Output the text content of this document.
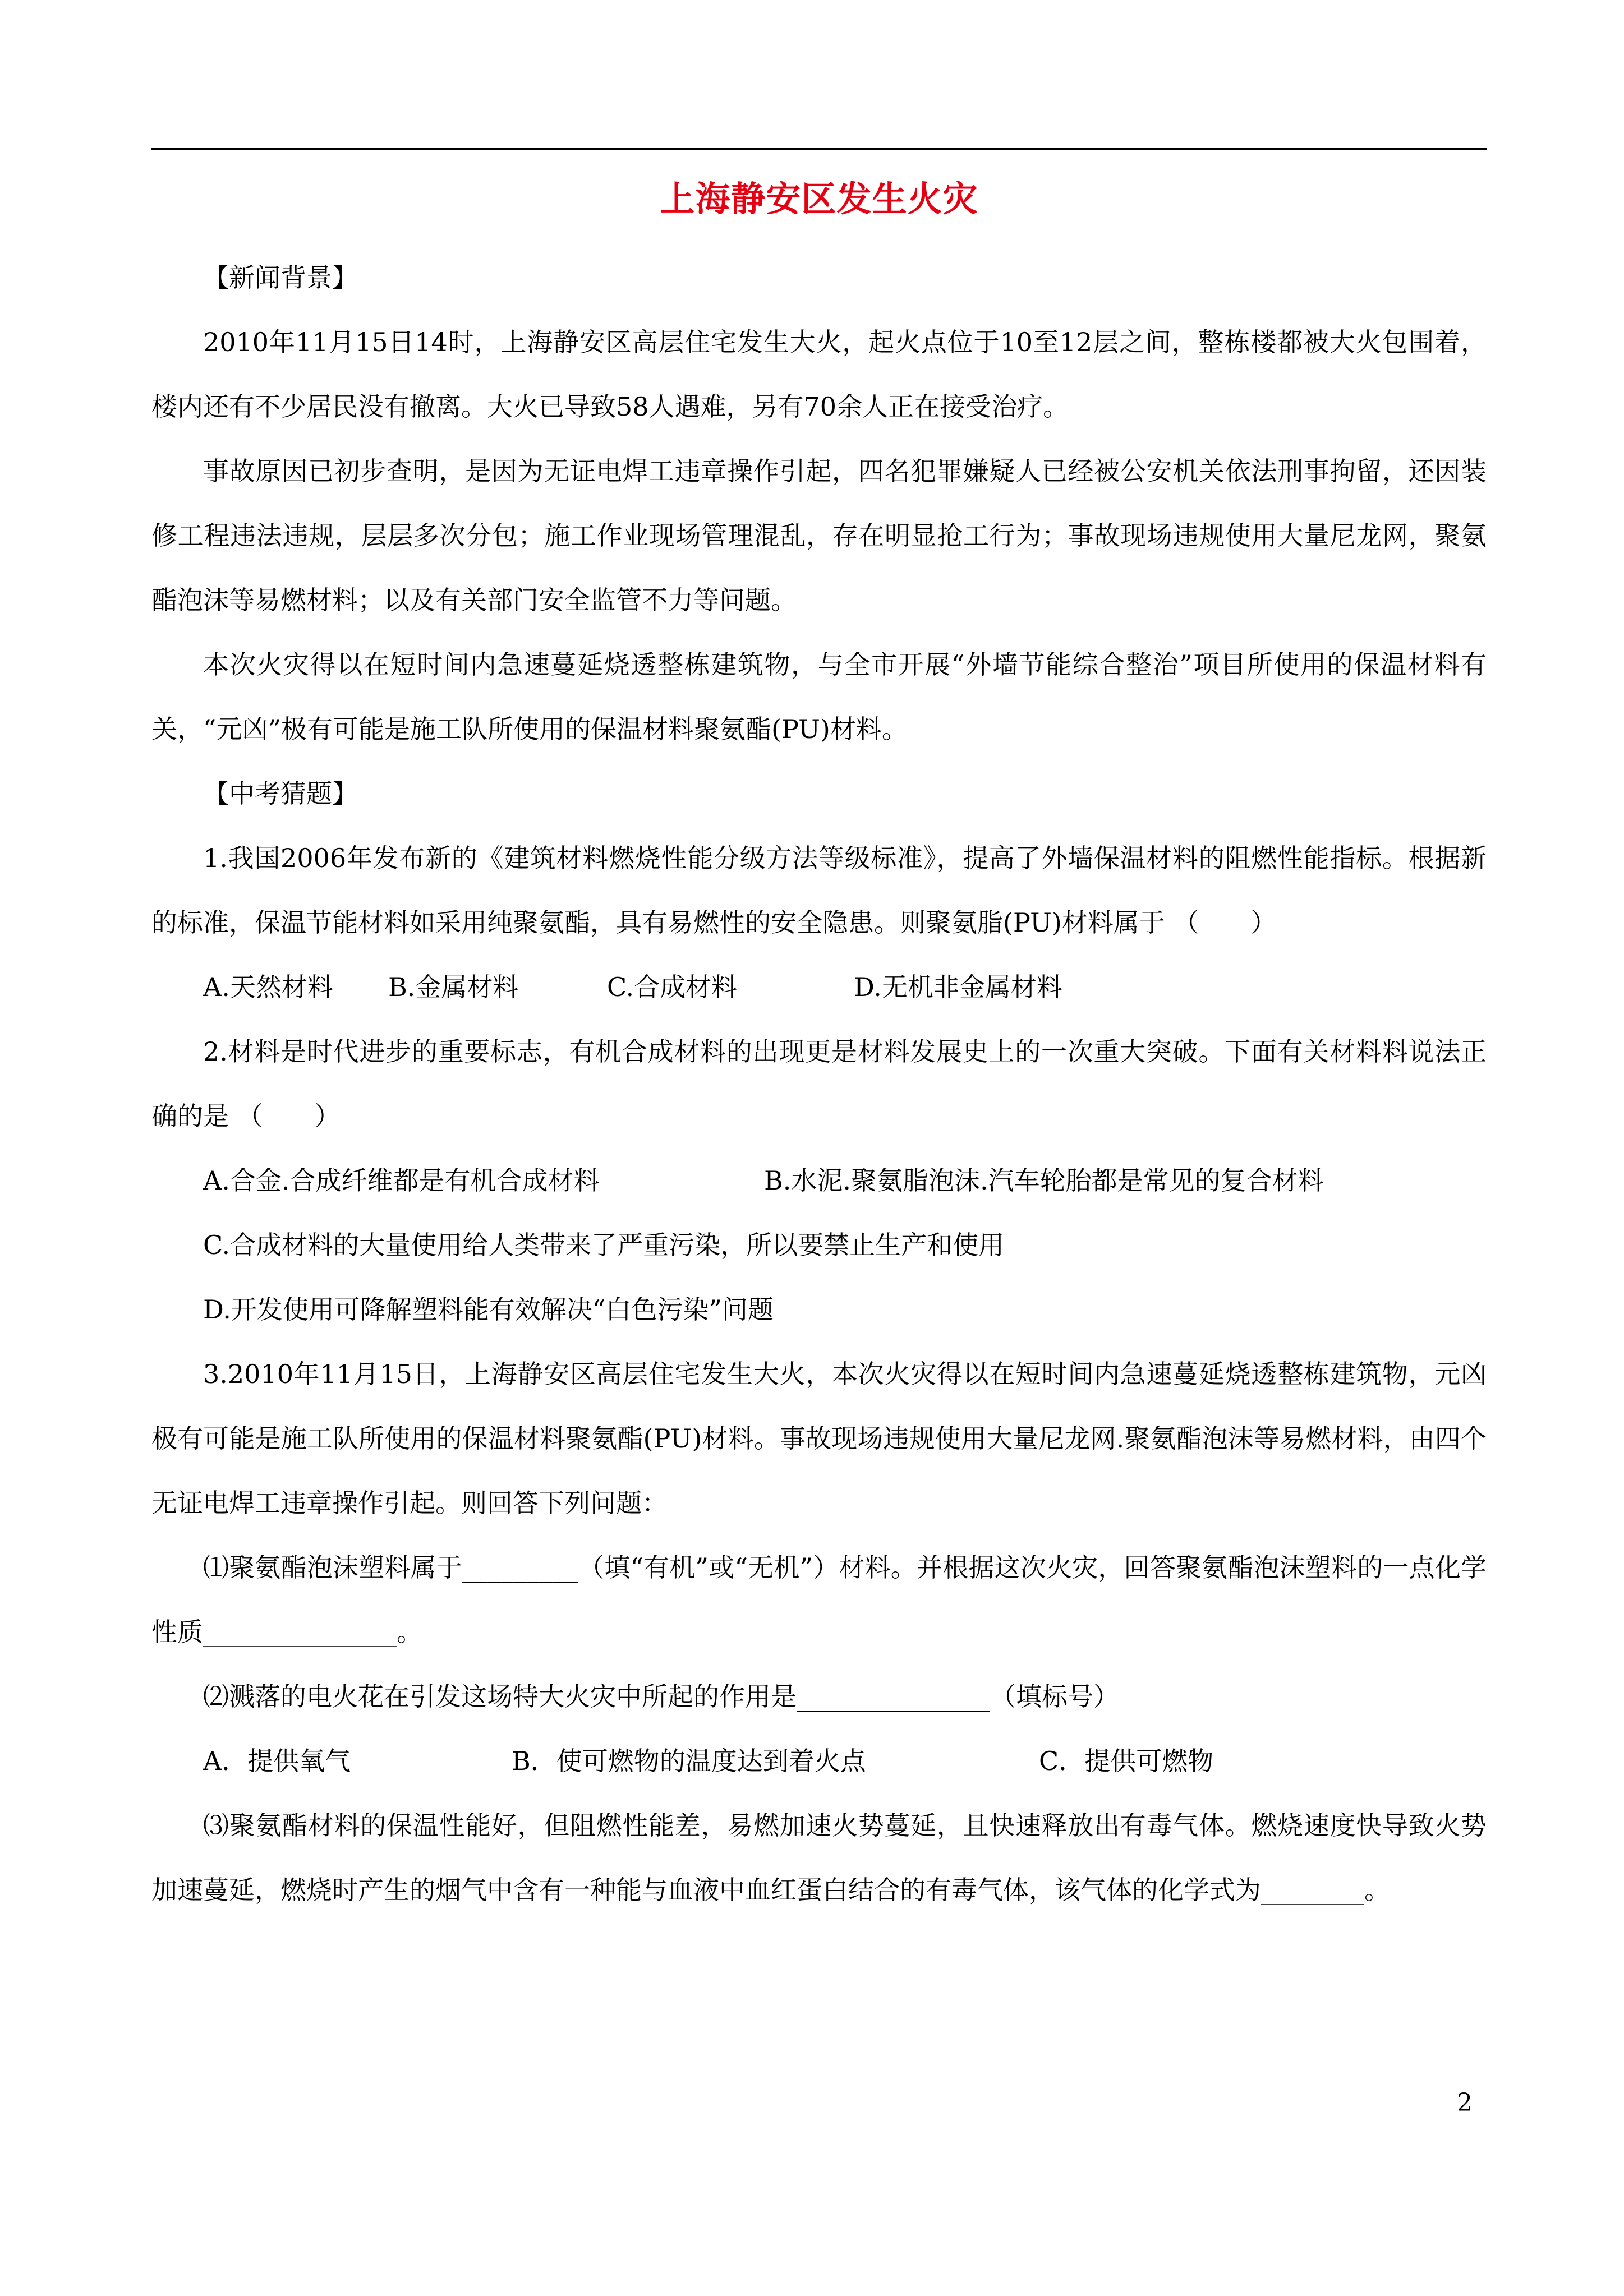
上海静安区发生火灾

【新闻背景】

2010年11月15日14时，上海静安区高层住宅发生大火，起火点位于10至12层之间，整栋楼都被大火包围着，楼内还有不少居民没有撤离。大火已导致58人遇难，另有70余人正在接受治疗。

事故原因已初步查明，是因为无证电焊工违章操作引起，四名犯罪嫌疑人已经被公安机关依法刑事拘留，还因装修工程违法违规，层层多次分包；施工作业现场管理混乱，存在明显抢工行为；事故现场违规使用大量尼龙网，聚氨酯泡沫等易燃材料；以及有关部门安全监管不力等问题。

本次火灾得以在短时间内急速蔓延烧透整栋建筑物，与全市开展“外墙节能综合整治”项目所使用的保温材料有关，“元凶”极有可能是施工队所使用的保温材料聚氨酯(PU)材料。

【中考猜题】

1.我国2006年发布新的《建筑材料燃烧性能分级方法等级标准》，提高了外墙保温材料的阻燃性能指标。根据新的标准，保温节能材料如采用纯聚氨酯，具有易燃性的安全隐患。则聚氨脂(PU)材料属于 （　　）

A.天然材料 B.金属材料	C.合成材料	D.无机非金属材料

2.材料是时代进步的重要标志，有机合成材料的出现更是材料发展史上的一次重大突破。下面有关材料料说法正确的是 （　　）

A.合金.合成纤维都是有机合成材料	B.水泥.聚氨脂泡沫.汽车轮胎都是常见的复合材料

C.合成材料的大量使用给人类带来了严重污染，所以要禁止生产和使用

D.开发使用可降解塑料能有效解决“白色污染”问题

3.2010年11月15日，上海静安区高层住宅发生大火，本次火灾得以在短时间内急速蔓延烧透整栋建筑物，元凶极有可能是施工队所使用的保温材料聚氨酯(PU)材料。事故现场违规使用大量尼龙网.聚氨酯泡沫等易燃材料，由四个无证电焊工违章操作引起。则回答下列问题：

⑴聚氨酯泡沫塑料属于_________（填“有机”或“无机”）材料。并根据这次火灾，回答聚氨酯泡沫塑料的一点化学性质_______________。

⑵溅落的电火花在引发这场特大火灾中所起的作用是_______________（填标号）

A．提供氧气	B．使可燃物的温度达到着火点	C．提供可燃物

⑶聚氨酯材料的保温性能好，但阻燃性能差，易燃加速火势蔓延，且快速释放出有毒气体。燃烧速度快导致火势加速蔓延，燃烧时产生的烟气中含有一种能与血液中血红蛋白结合的有毒气体，该气体的化学式为________。

2
